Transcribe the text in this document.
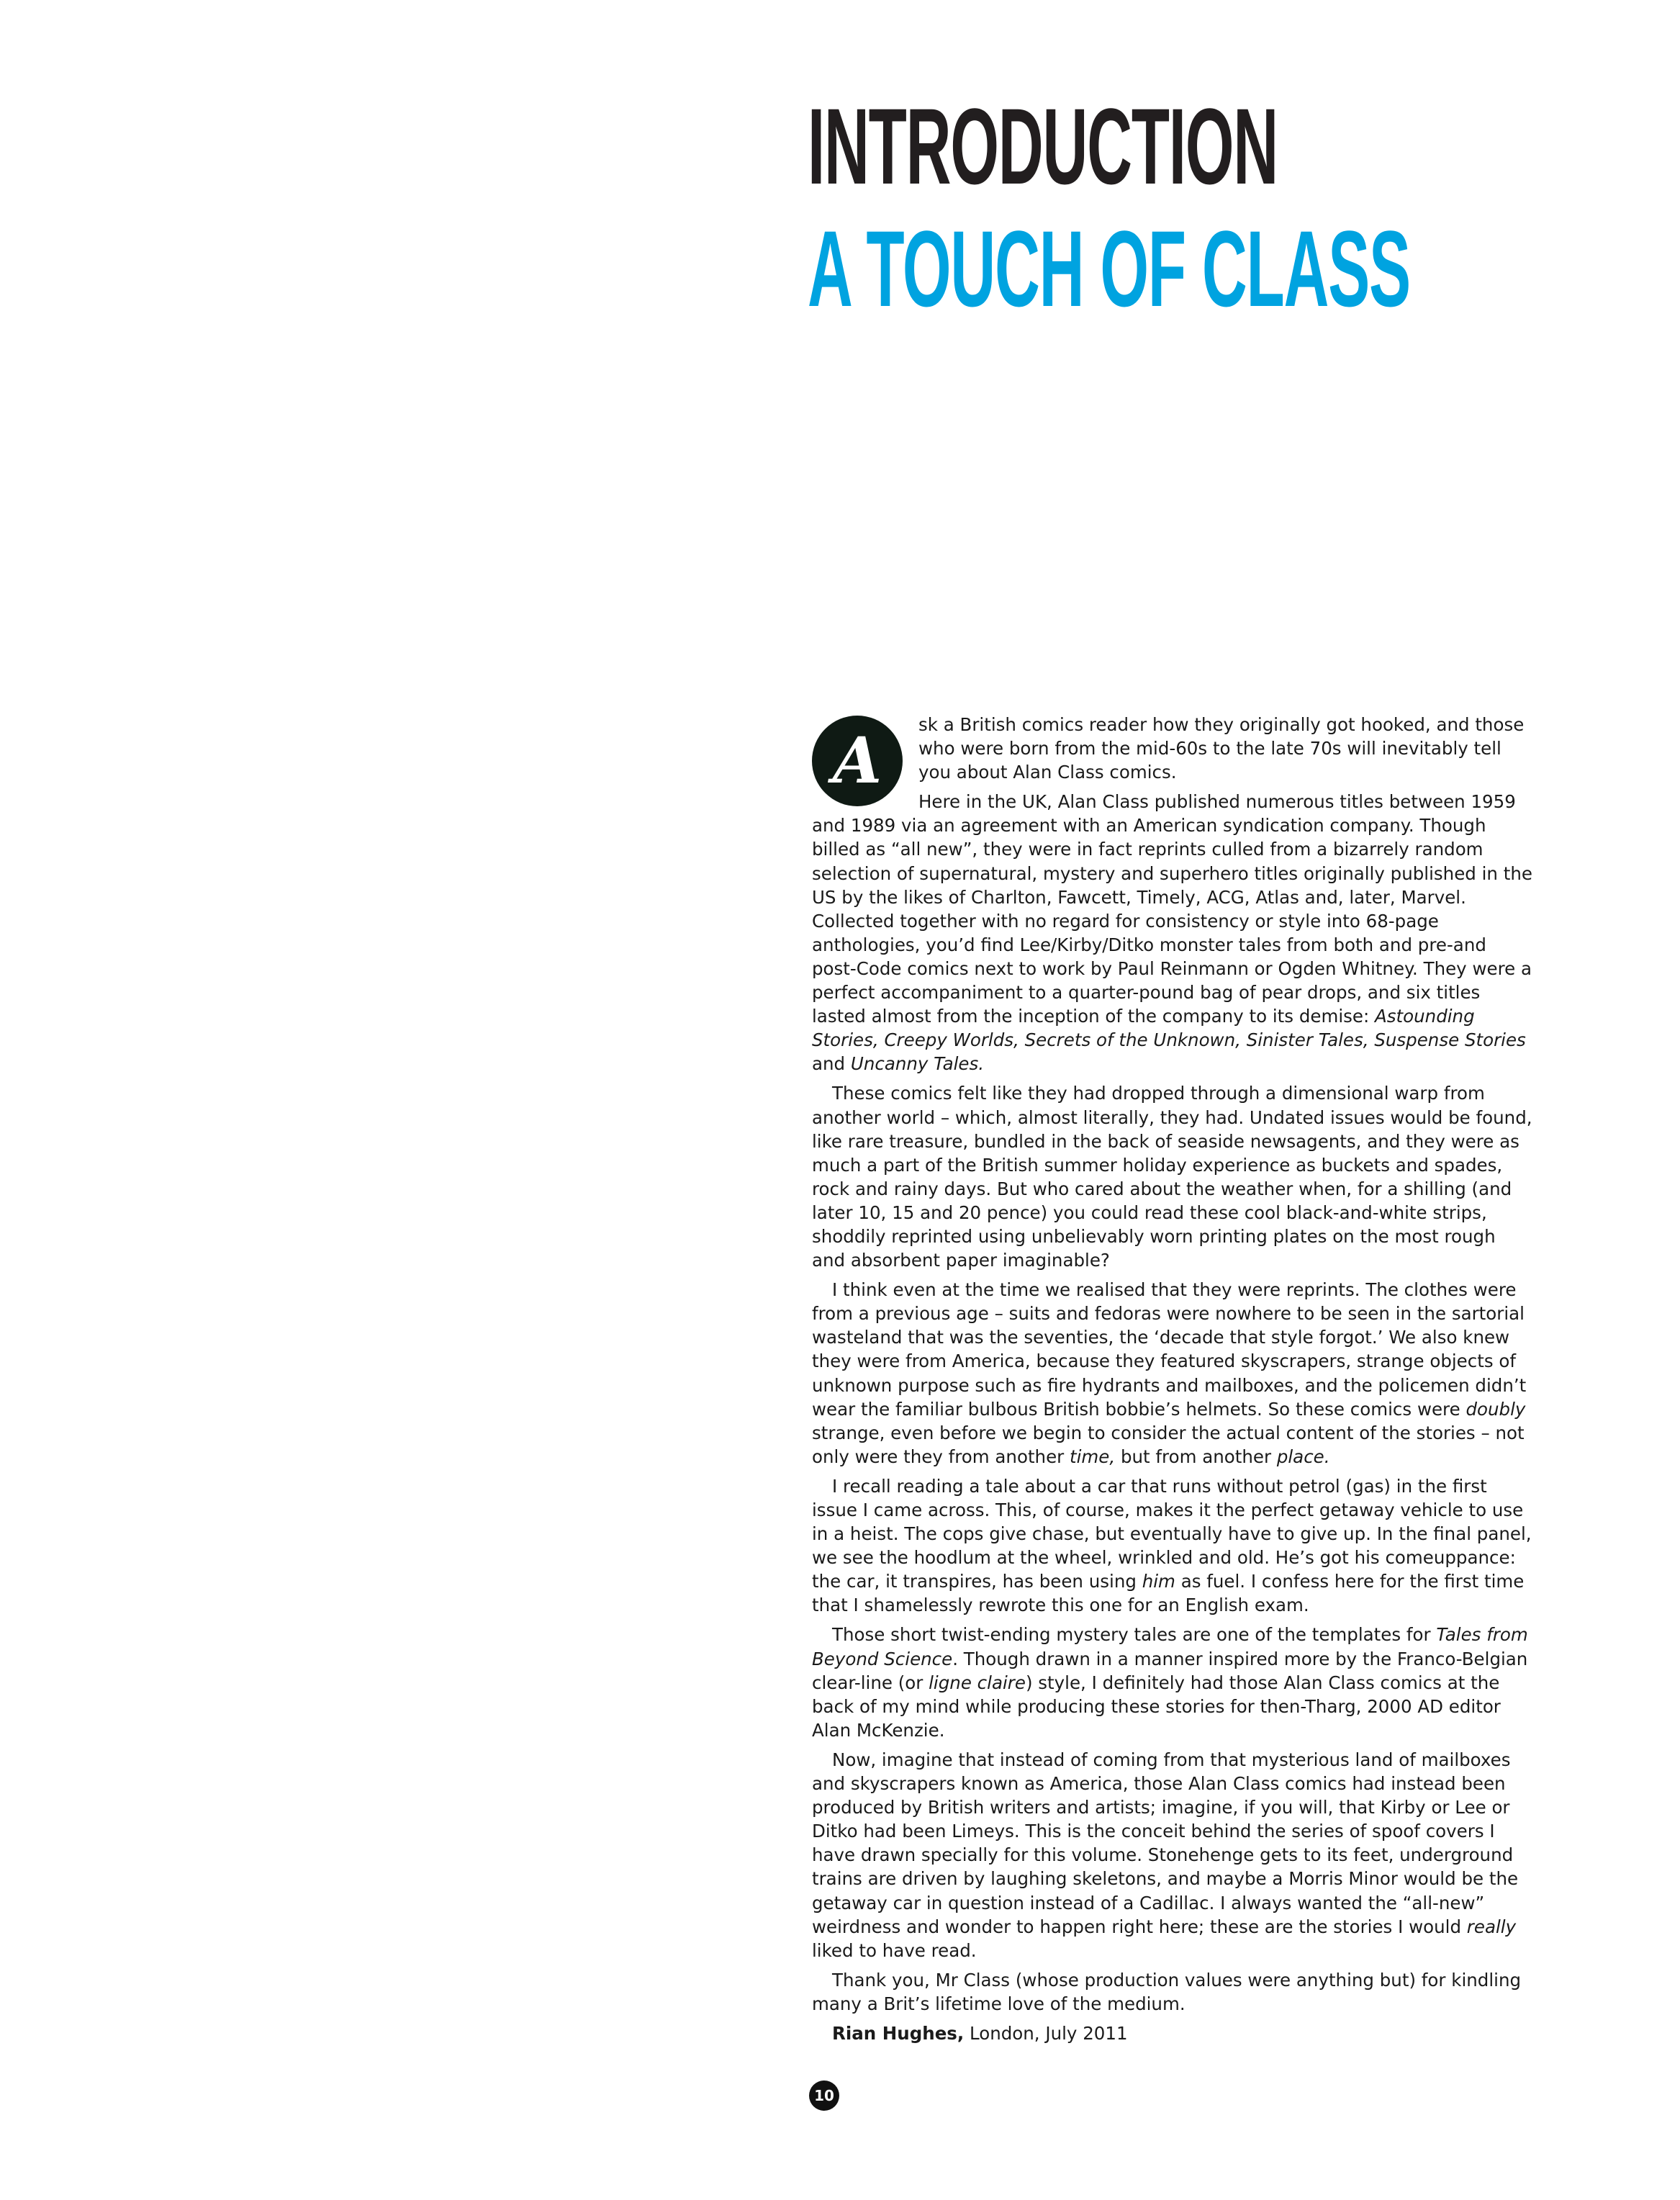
INTRODUCTION
A TOUCH OF CLASS
A	sk a British comics reader how they originally got hooked, and those who were born from the mid-60s to the late 70s will inevitably tell you about Alan Class comics.

Here in the UK, Alan Class published numerous titles between 1959 and 1989 via an agreement with an American syndication company. Though billed as “all new”, they were in fact reprints culled from a bizarrely random selection of supernatural, mystery and superhero titles originally published in the US by the likes of Charlton, Fawcett, Timely, ACG, Atlas and, later, Marvel. Collected together with no regard for consistency or style into 68-page anthologies, you’d find Lee/Kirby/Ditko monster tales from both and pre-and post-Code comics next to work by Paul Reinmann or Ogden Whitney. They were a perfect accompaniment to a quarter-pound bag of pear drops, and six titles lasted almost from the inception of the company to its demise: Astounding Stories, Creepy Worlds, Secrets of the Unknown, Sinister Tales, Suspense Stories and Uncanny Tales.

These comics felt like they had dropped through a dimensional warp from another world – which, almost literally, they had. Undated issues would be found, like rare treasure, bundled in the back of seaside newsagents, and they were as much a part of the British summer holiday experience as buckets and spades, rock and rainy days. But who cared about the weather when, for a shilling (and later 10, 15 and 20 pence) you could read these cool black-and-white strips, shoddily reprinted using unbelievably worn printing plates on the most rough and absorbent paper imaginable?

I think even at the time we realised that they were reprints. The clothes were from a previous age – suits and fedoras were nowhere to be seen in the sartorial wasteland that was the seventies, the ‘decade that style forgot.’ We also knew they were from America, because they featured skyscrapers, strange objects of unknown purpose such as fire hydrants and mailboxes, and the policemen didn’t wear the familiar bulbous British bobbie’s helmets. So these comics were doubly strange, even before we begin to consider the actual content of the stories – not only were they from another time, but from another place.

I recall reading a tale about a car that runs without petrol (gas) in the first issue I came across. This, of course, makes it the perfect getaway vehicle to use in a heist. The cops give chase, but eventually have to give up. In the final panel, we see the hoodlum at the wheel, wrinkled and old. He’s got his comeuppance: the car, it transpires, has been using him as fuel. I confess here for the first time that I shamelessly rewrote this one for an English exam.

Those short twist-ending mystery tales are one of the templates for Tales from Beyond Science. Though drawn in a manner inspired more by the Franco-Belgian clear-line (or ligne claire) style, I definitely had those Alan Class comics at the back of my mind while producing these stories for then-Tharg, 2000 AD editor Alan McKenzie.

Now, imagine that instead of coming from that mysterious land of mailboxes and skyscrapers known as America, those Alan Class comics had instead been produced by British writers and artists; imagine, if you will, that Kirby or Lee or Ditko had been Limeys. This is the conceit behind the series of spoof covers I have drawn specially for this volume. Stonehenge gets to its feet, underground trains are driven by laughing skeletons, and maybe a Morris Minor would be the getaway car in question instead of a Cadillac. I always wanted the “all-new” weirdness and wonder to happen right here; these are the stories I would really liked to have read.

Thank you, Mr Class (whose production values were anything but) for kindling many a Brit’s lifetime love of the medium.

Rian Hughes, London, July 2011

10
